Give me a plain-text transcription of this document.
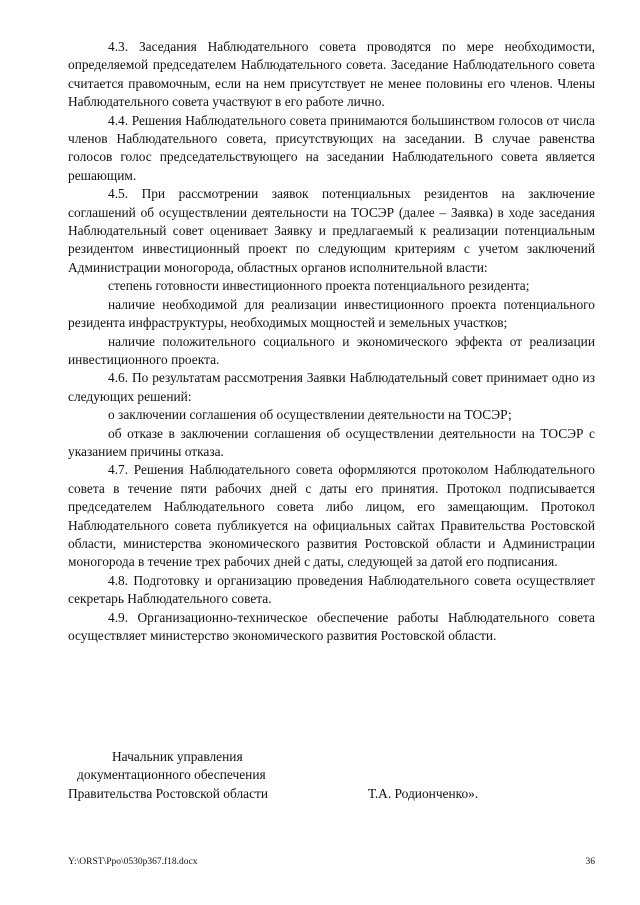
4.3. Заседания Наблюдательного совета проводятся по мере необходимости, определяемой председателем Наблюдательного совета. Заседание Наблюдательного совета считается правомочным, если на нем присутствует не менее половины его членов. Члены Наблюдательного совета участвуют в его работе лично.

4.4. Решения Наблюдательного совета принимаются большинством голосов от числа членов Наблюдательного совета, присутствующих на заседании. В случае равенства голосов голос председательствующего на заседании Наблюдательного совета является решающим.

4.5. При рассмотрении заявок потенциальных резидентов на заключение соглашений об осуществлении деятельности на ТОСЭР (далее – Заявка) в ходе заседания Наблюдательный совет оценивает Заявку и предлагаемый к реализации потенциальным резидентом инвестиционный проект по следующим критериям с учетом заключений Администрации моногорода, областных органов исполнительной власти:

степень готовности инвестиционного проекта потенциального резидента;

наличие необходимой для реализации инвестиционного проекта потенциального резидента инфраструктуры, необходимых мощностей и земельных участков;

наличие положительного социального и экономического эффекта от реализации инвестиционного проекта.

4.6. По результатам рассмотрения Заявки Наблюдательный совет принимает одно из следующих решений:

о заключении соглашения об осуществлении деятельности на ТОСЭР;

об отказе в заключении соглашения об осуществлении деятельности на ТОСЭР с указанием причины отказа.

4.7. Решения Наблюдательного совета оформляются протоколом Наблюдательного совета в течение пяти рабочих дней с даты его принятия. Протокол подписывается председателем Наблюдательного совета либо лицом, его замещающим. Протокол Наблюдательного совета публикуется на официальных сайтах Правительства Ростовской области, министерства экономического развития Ростовской области и Администрации моногорода в течение трех рабочих дней с даты, следующей за датой его подписания.

4.8. Подготовку и организацию проведения Наблюдательного совета осуществляет секретарь Наблюдательного совета.

4.9. Организационно-техническое обеспечение работы Наблюдательного совета осуществляет министерство экономического развития Ростовской области.

Начальник управления
документационного обеспечения
Правительства Ростовской области	Т.А. Родионченко».
Y:\ORST\Ppo\0530p367.f18.docx	36
